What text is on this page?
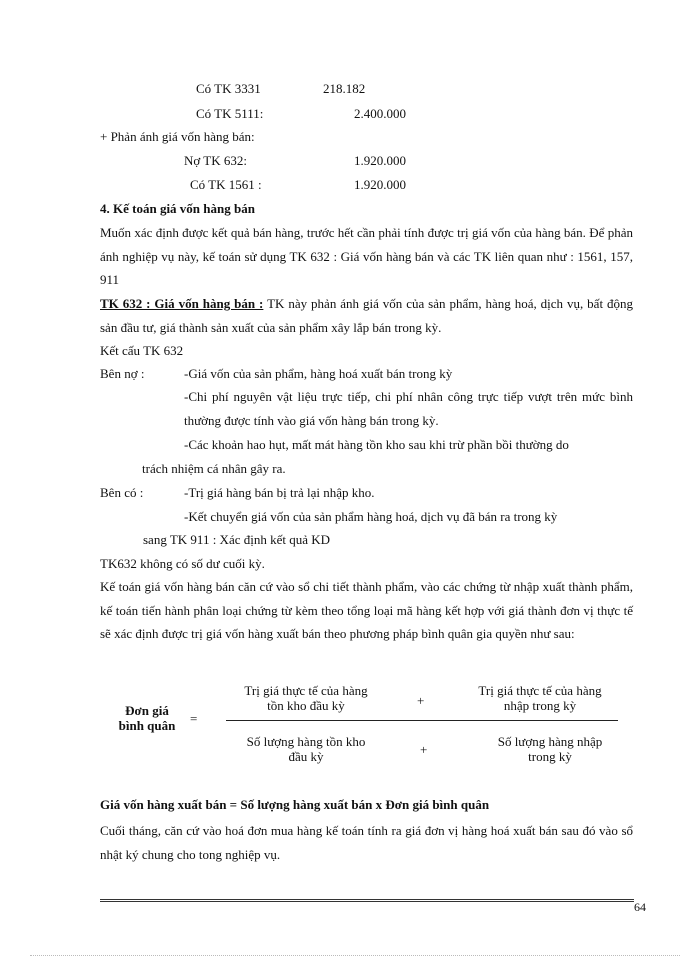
Có TK 3331	218.182
Có TK 5111:	2.400.000
+ Phản ánh giá vốn hàng bán:
Nợ TK 632:	1.920.000
Có TK 1561 :	1.920.000
4. Kế toán giá vốn hàng bán
Muốn xác định được kết quả bán hàng, trước hết cần phải tính được trị giá vốn của hàng bán. Để phản ánh nghiệp vụ này, kế toán sử dụng TK 632 : Giá vốn hàng bán và các TK liên quan như : 1561, 157, 911
TK 632 : Giá vốn hàng bán : TK này phản ánh giá vốn của sản phẩm, hàng hoá, dịch vụ, bất động sản đầu tư, giá thành sản xuất của sản phẩm xây lắp bán trong kỳ.
Kết cấu TK 632
Bên nợ :	-Giá vốn của sản phẩm, hàng hoá xuất bán trong kỳ
-Chi phí nguyên vật liệu trực tiếp, chi phí nhân công trực tiếp vượt trên mức bình thường được tính vào giá vốn hàng bán trong kỳ.
-Các khoản hao hụt, mất mát hàng tồn kho sau khi trừ phần bồi thường do
trách nhiệm cá nhân gây ra.
Bên có :	-Trị giá hàng bán bị trả lại nhập kho.
-Kết chuyển giá vốn của sản phẩm hàng hoá, dịch vụ đã bán ra trong kỳ
sang TK 911 : Xác định kết quả KD
TK632 không có số dư cuối kỳ.
Kế toán giá vốn hàng bán căn cứ vào sổ chi tiết thành phẩm, vào các chứng từ nhập xuất thành phẩm, kế toán tiến hành phân loại chứng từ kèm theo tổng loại mã hàng kết hợp với giá thành đơn vị thực tế sẽ xác định được trị giá vốn hàng xuất bán theo phương pháp bình quân gia quyền như sau:
Đơn giá bình quân	=
Trị giá thực tế của hàng tồn kho đầu kỳ	+
Trị giá thực tế của hàng nhập trong kỳ
Số lượng hàng tồn kho đầu kỳ	+
Số lượng hàng nhập trong kỳ
Giá vốn hàng xuất bán = Số lượng hàng xuất bán x Đơn giá bình quân
Cuối tháng, căn cứ vào hoá đơn mua hàng kế toán tính ra giá đơn vị hàng hoá xuất bán sau đó vào sổ nhật ký chung cho tong nghiệp vụ.
64
